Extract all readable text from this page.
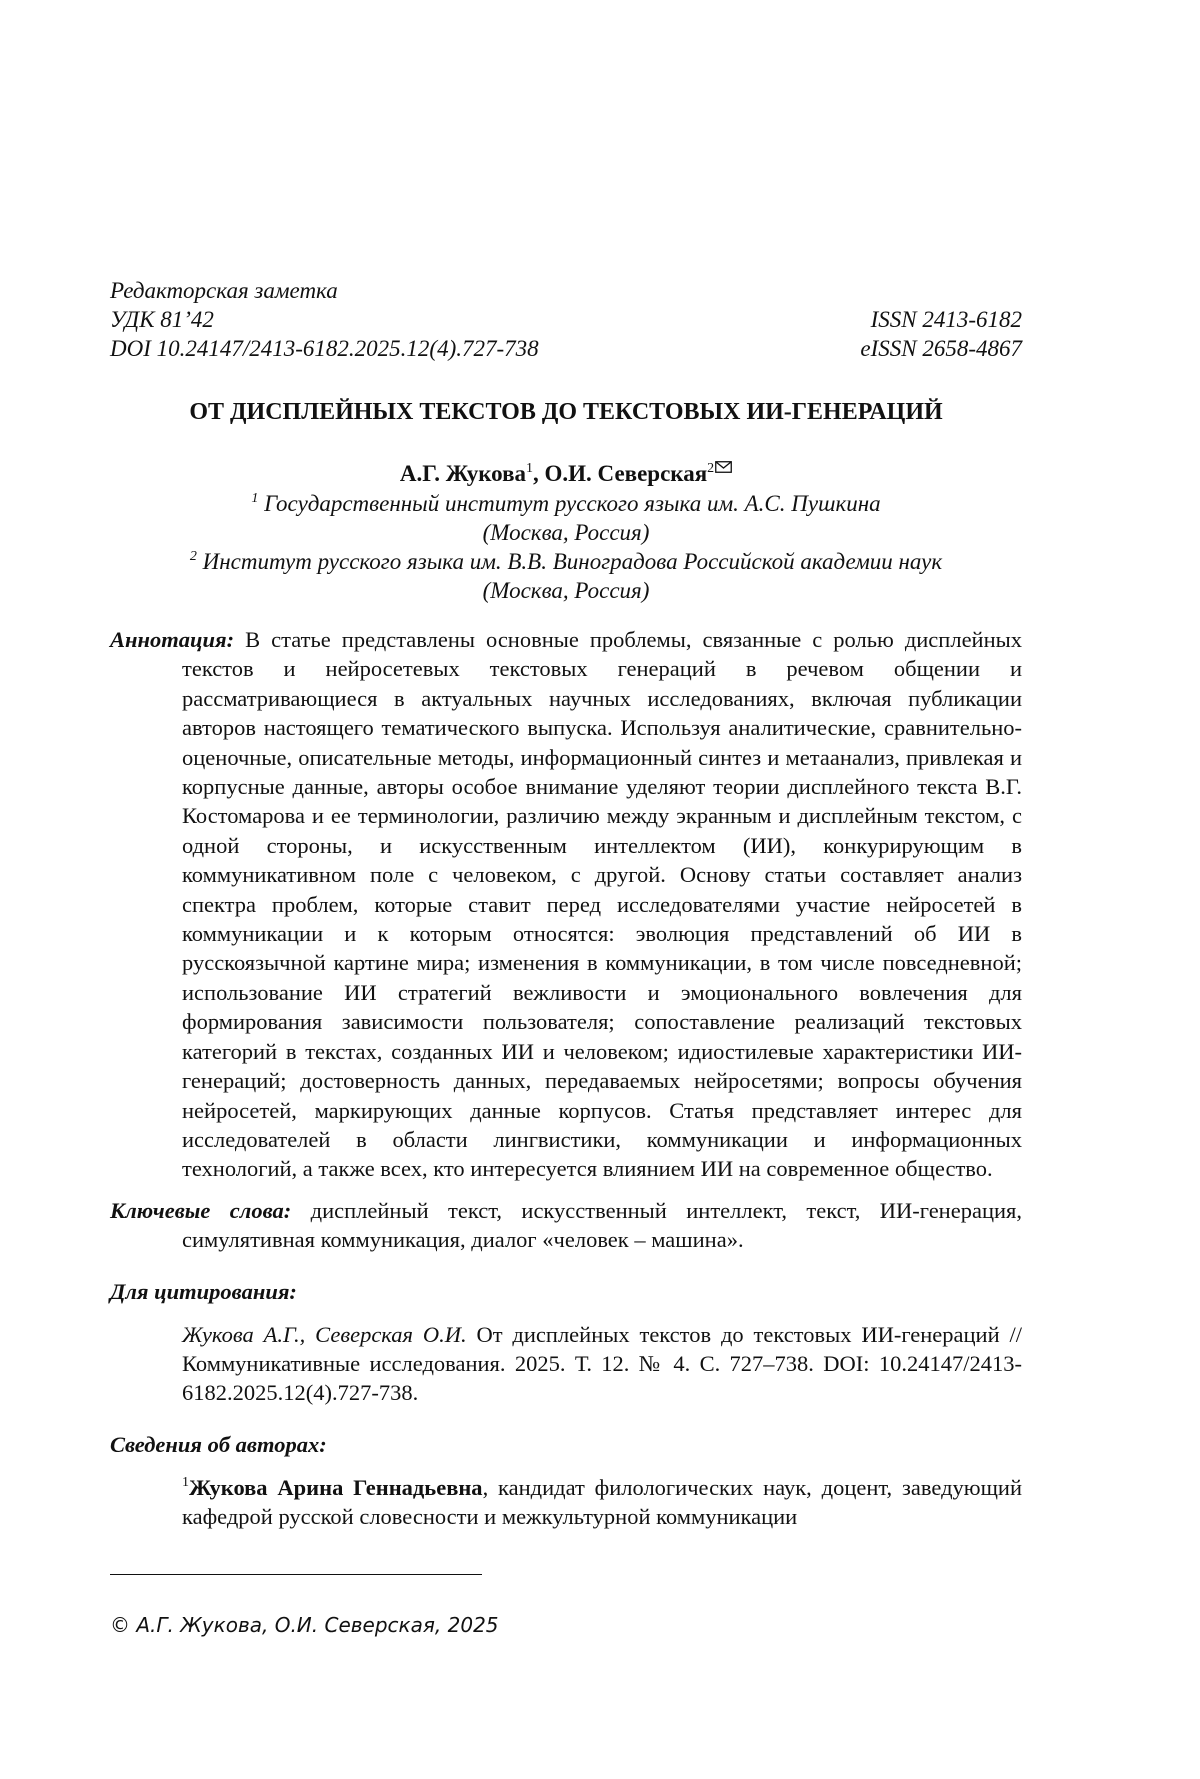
Редакторская заметка
УДК 81’42	ISSN 2413-6182
DOI 10.24147/2413-6182.2025.12(4).727-738	eISSN 2658-4867
ОТ ДИСПЛЕЙНЫХ ТЕКСТОВ ДО ТЕКСТОВЫХ ИИ-ГЕНЕРАЦИЙ
А.Г. Жукова$^1$, О.И. Северская$^2$
$^1$ Государственный институт русского языка им. А.С. Пушкина
(Москва, Россия)
$^2$ Институт русского языка им. В.В. Виноградова Российской академии наук
(Москва, Россия)
Аннотация: В статье представлены основные проблемы, связанные с ролью дисплейных текстов и нейросетевых текстовых генераций в речевом общении и рассматривающиеся в актуальных научных исследованиях, включая публикации авторов настоящего тематического выпуска. Используя аналитические, сравнительно-оценочные, описательные методы, информационный синтез и метаанализ, привлекая и корпусные данные, авторы особое внимание уделяют теории дисплейного текста В.Г. Костомарова и ее терминологии, различию между экранным и дисплейным текстом, с одной стороны, и искусственным интеллектом (ИИ), конкурирующим в коммуникативном поле с человеком, с другой. Основу статьи составляет анализ спектра проблем, которые ставит перед исследователями участие нейросетей в коммуникации и к которым относятся: эволюция представлений об ИИ в русскоязычной картине мира; изменения в коммуникации, в том числе повседневной; использование ИИ стратегий вежливости и эмоционального вовлечения для формирования зависимости пользователя; сопоставление реализаций текстовых категорий в текстах, созданных ИИ и человеком; идиостилевые характеристики ИИ-генераций; достоверность данных, передаваемых нейросетями; вопросы обучения нейросетей, маркирующих данные корпусов. Статья представляет интерес для исследователей в области лингвистики, коммуникации и информационных технологий, а также всех, кто интересуется влиянием ИИ на современное общество.
Ключевые слова: дисплейный текст, искусственный интеллект, текст, ИИ-генерация, симулятивная коммуникация, диалог «человек – машина».
Для цитирования:
Жукова А.Г., Северская О.И. От дисплейных текстов до текстовых ИИ-генераций // Коммуникативные исследования. 2025. Т. 12. № 4. С. 727–738. DOI: 10.24147/2413-6182.2025.12(4).727-738.
Сведения об авторах:
$^1$Жукова Арина Геннадьевна, кандидат филологических наук, доцент, заведующий кафедрой русской словесности и межкультурной коммуникации
© А.Г. Жукова, О.И. Северская, 2025
